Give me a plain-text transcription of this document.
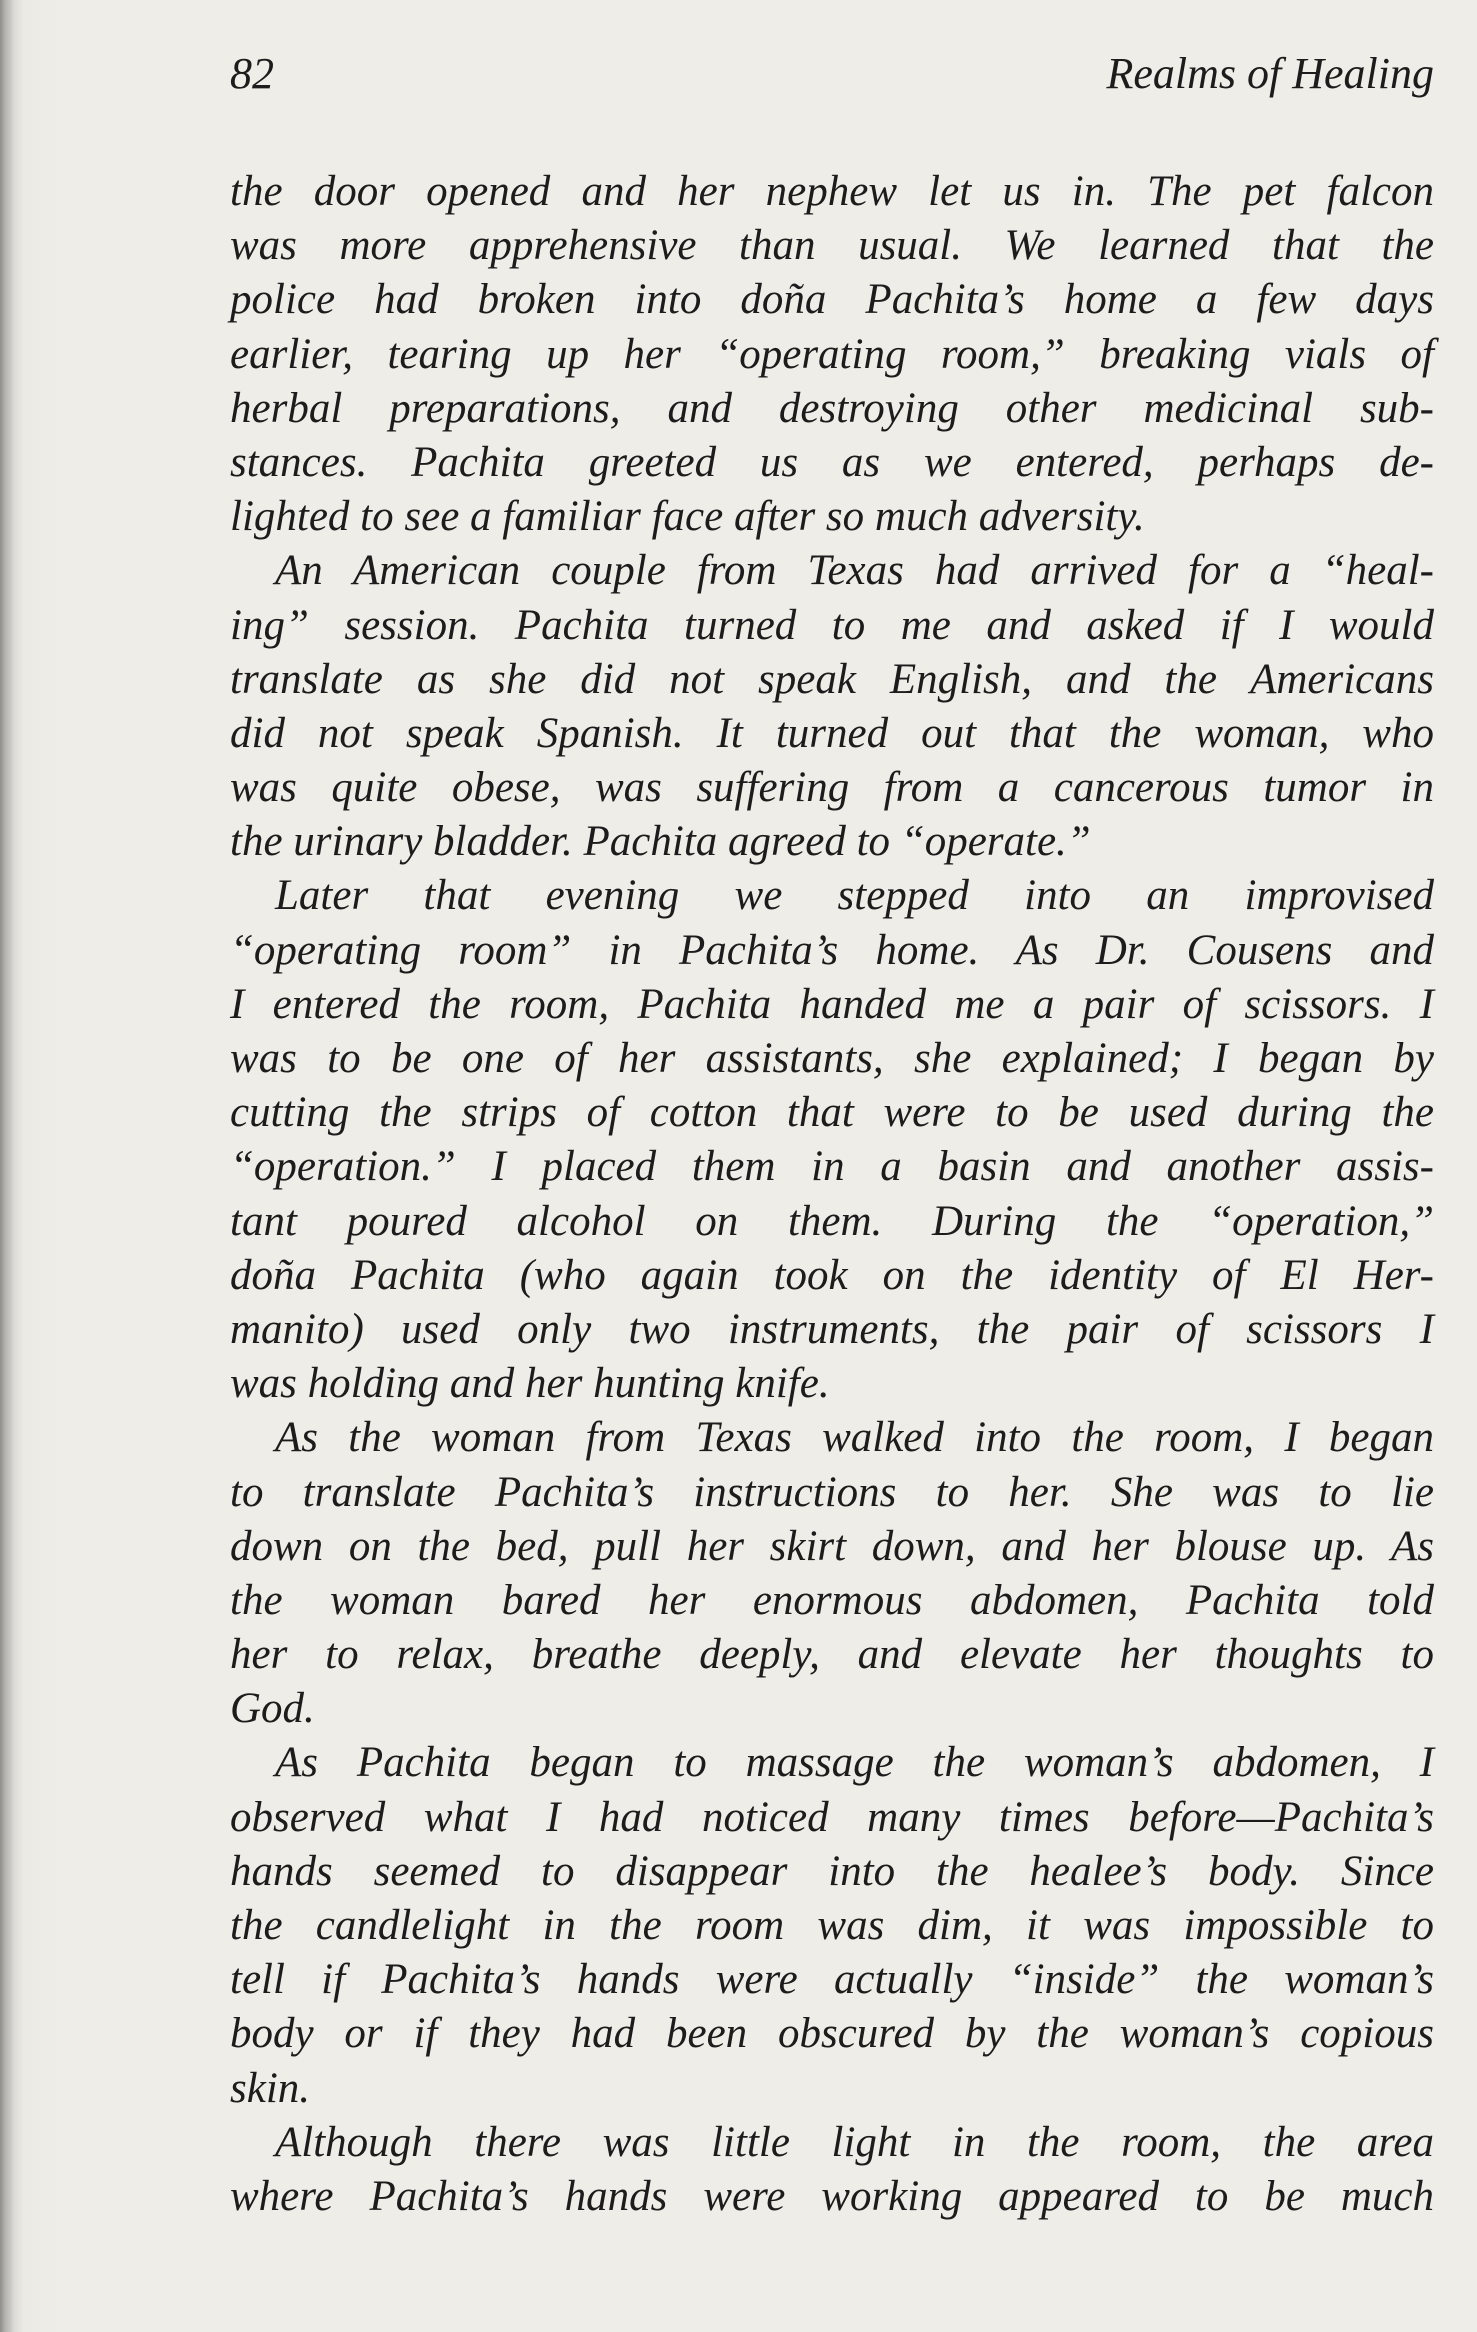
82	Realms of Healing
the door opened and her nephew let us in. The pet falcon
was more apprehensive than usual. We learned that the
police had broken into doña Pachita’s home a few days
earlier, tearing up her “operating room,” breaking vials of
herbal preparations, and destroying other medicinal sub-
stances. Pachita greeted us as we entered, perhaps de-
lighted to see a familiar face after so much adversity.
An American couple from Texas had arrived for a “heal-
ing” session. Pachita turned to me and asked if I would
translate as she did not speak English, and the Americans
did not speak Spanish. It turned out that the woman, who
was quite obese, was suffering from a cancerous tumor in
the urinary bladder. Pachita agreed to “operate.”
Later that evening we stepped into an improvised
“operating room” in Pachita’s home. As Dr. Cousens and
I entered the room, Pachita handed me a pair of scissors. I
was to be one of her assistants, she explained; I began by
cutting the strips of cotton that were to be used during the
“operation.” I placed them in a basin and another assis-
tant poured alcohol on them. During the “operation,”
doña Pachita (who again took on the identity of El Her-
manito) used only two instruments, the pair of scissors I
was holding and her hunting knife.
As the woman from Texas walked into the room, I began
to translate Pachita’s instructions to her. She was to lie
down on the bed, pull her skirt down, and her blouse up. As
the woman bared her enormous abdomen, Pachita told
her to relax, breathe deeply, and elevate her thoughts to
God.
As Pachita began to massage the woman’s abdomen, I
observed what I had noticed many times before—Pachita’s
hands seemed to disappear into the healee’s body. Since
the candlelight in the room was dim, it was impossible to
tell if Pachita’s hands were actually “inside” the woman’s
body or if they had been obscured by the woman’s copious
skin.
Although there was little light in the room, the area
where Pachita’s hands were working appeared to be much
